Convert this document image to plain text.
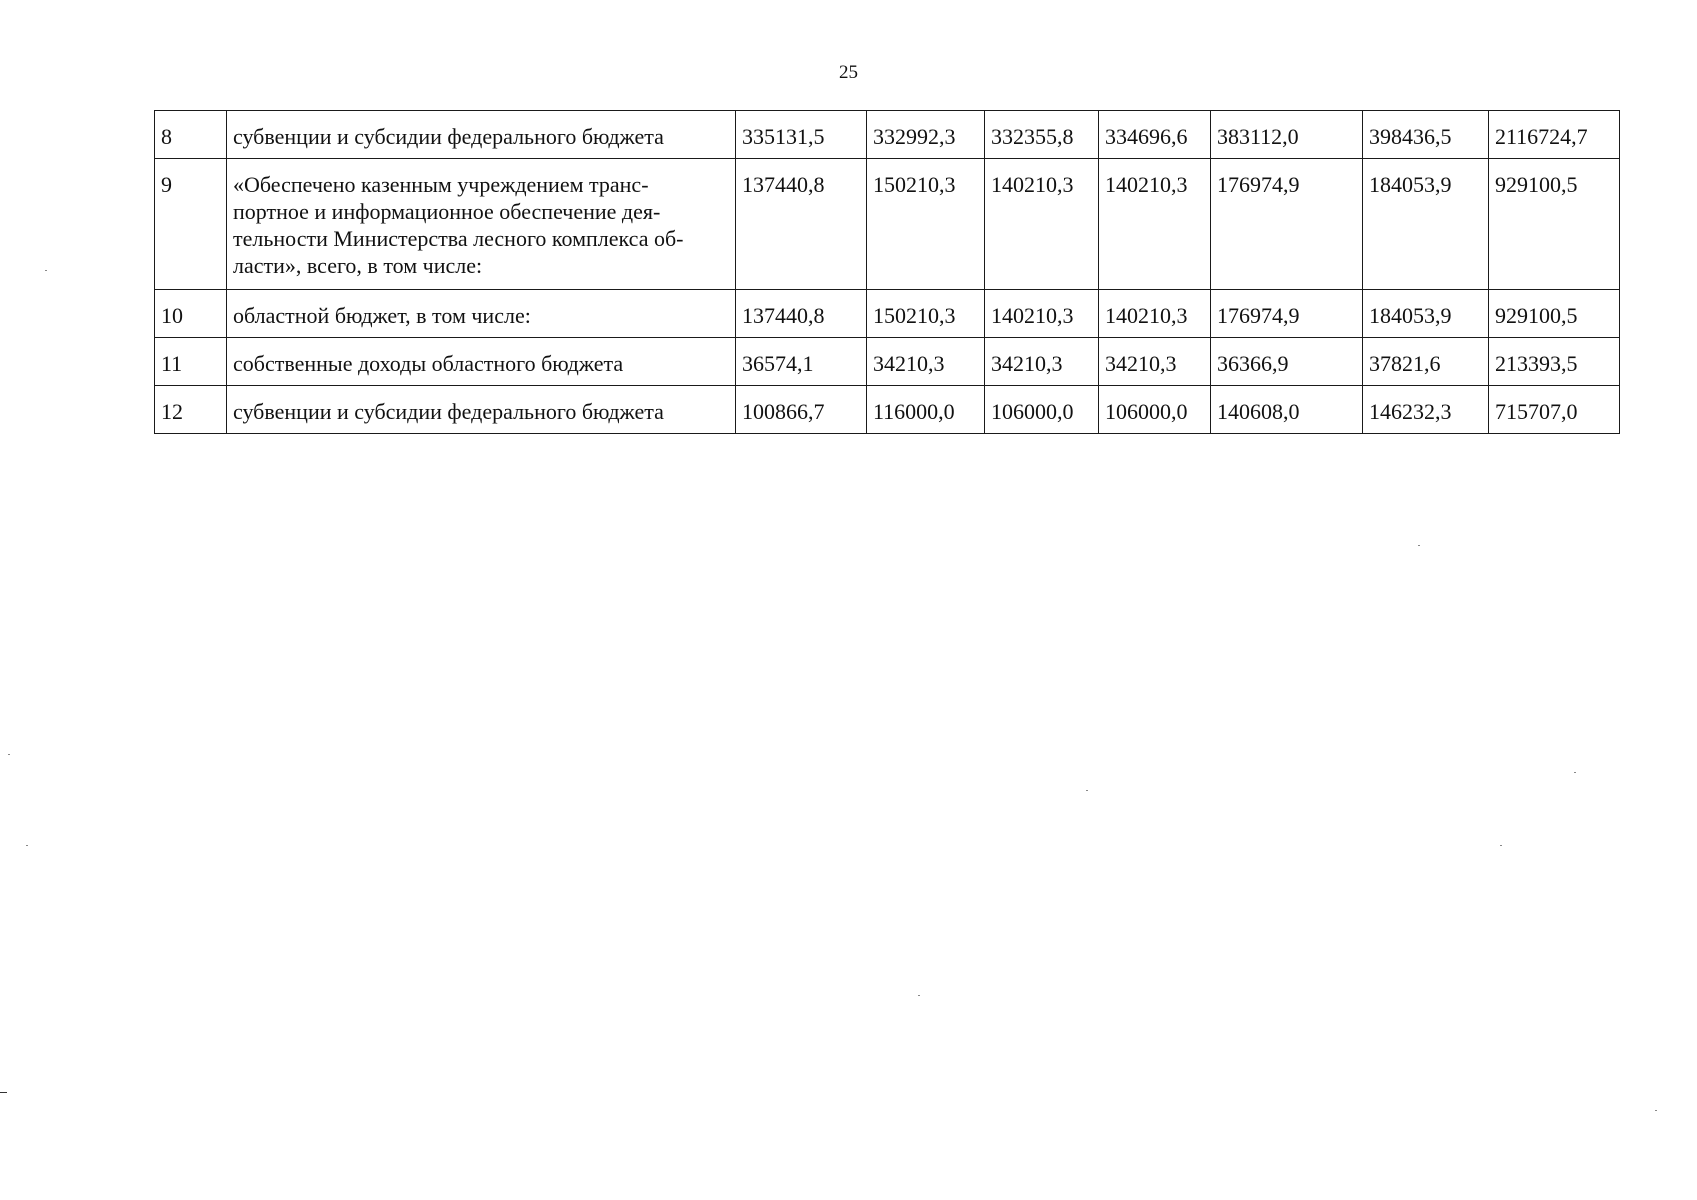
25
8	субвенции и субсидии федерального бюджета	335131,5	332992,3	332355,8	334696,6	383112,0	398436,5	2116724,7
9	«Обеспечено казенным учреждением транс-
портное и информационное обеспечение дея-
тельности Министерства лесного комплекса об-
ласти», всего, в том числе:	137440,8	150210,3	140210,3	140210,3	176974,9	184053,9	929100,5
10	областной бюджет, в том числе:	137440,8	150210,3	140210,3	140210,3	176974,9	184053,9	929100,5
11	собственные доходы областного бюджета	36574,1	34210,3	34210,3	34210,3	36366,9	37821,6	213393,5
12	субвенции и субсидии федерального бюджета	100866,7	116000,0	106000,0	106000,0	140608,0	146232,3	715707,0
